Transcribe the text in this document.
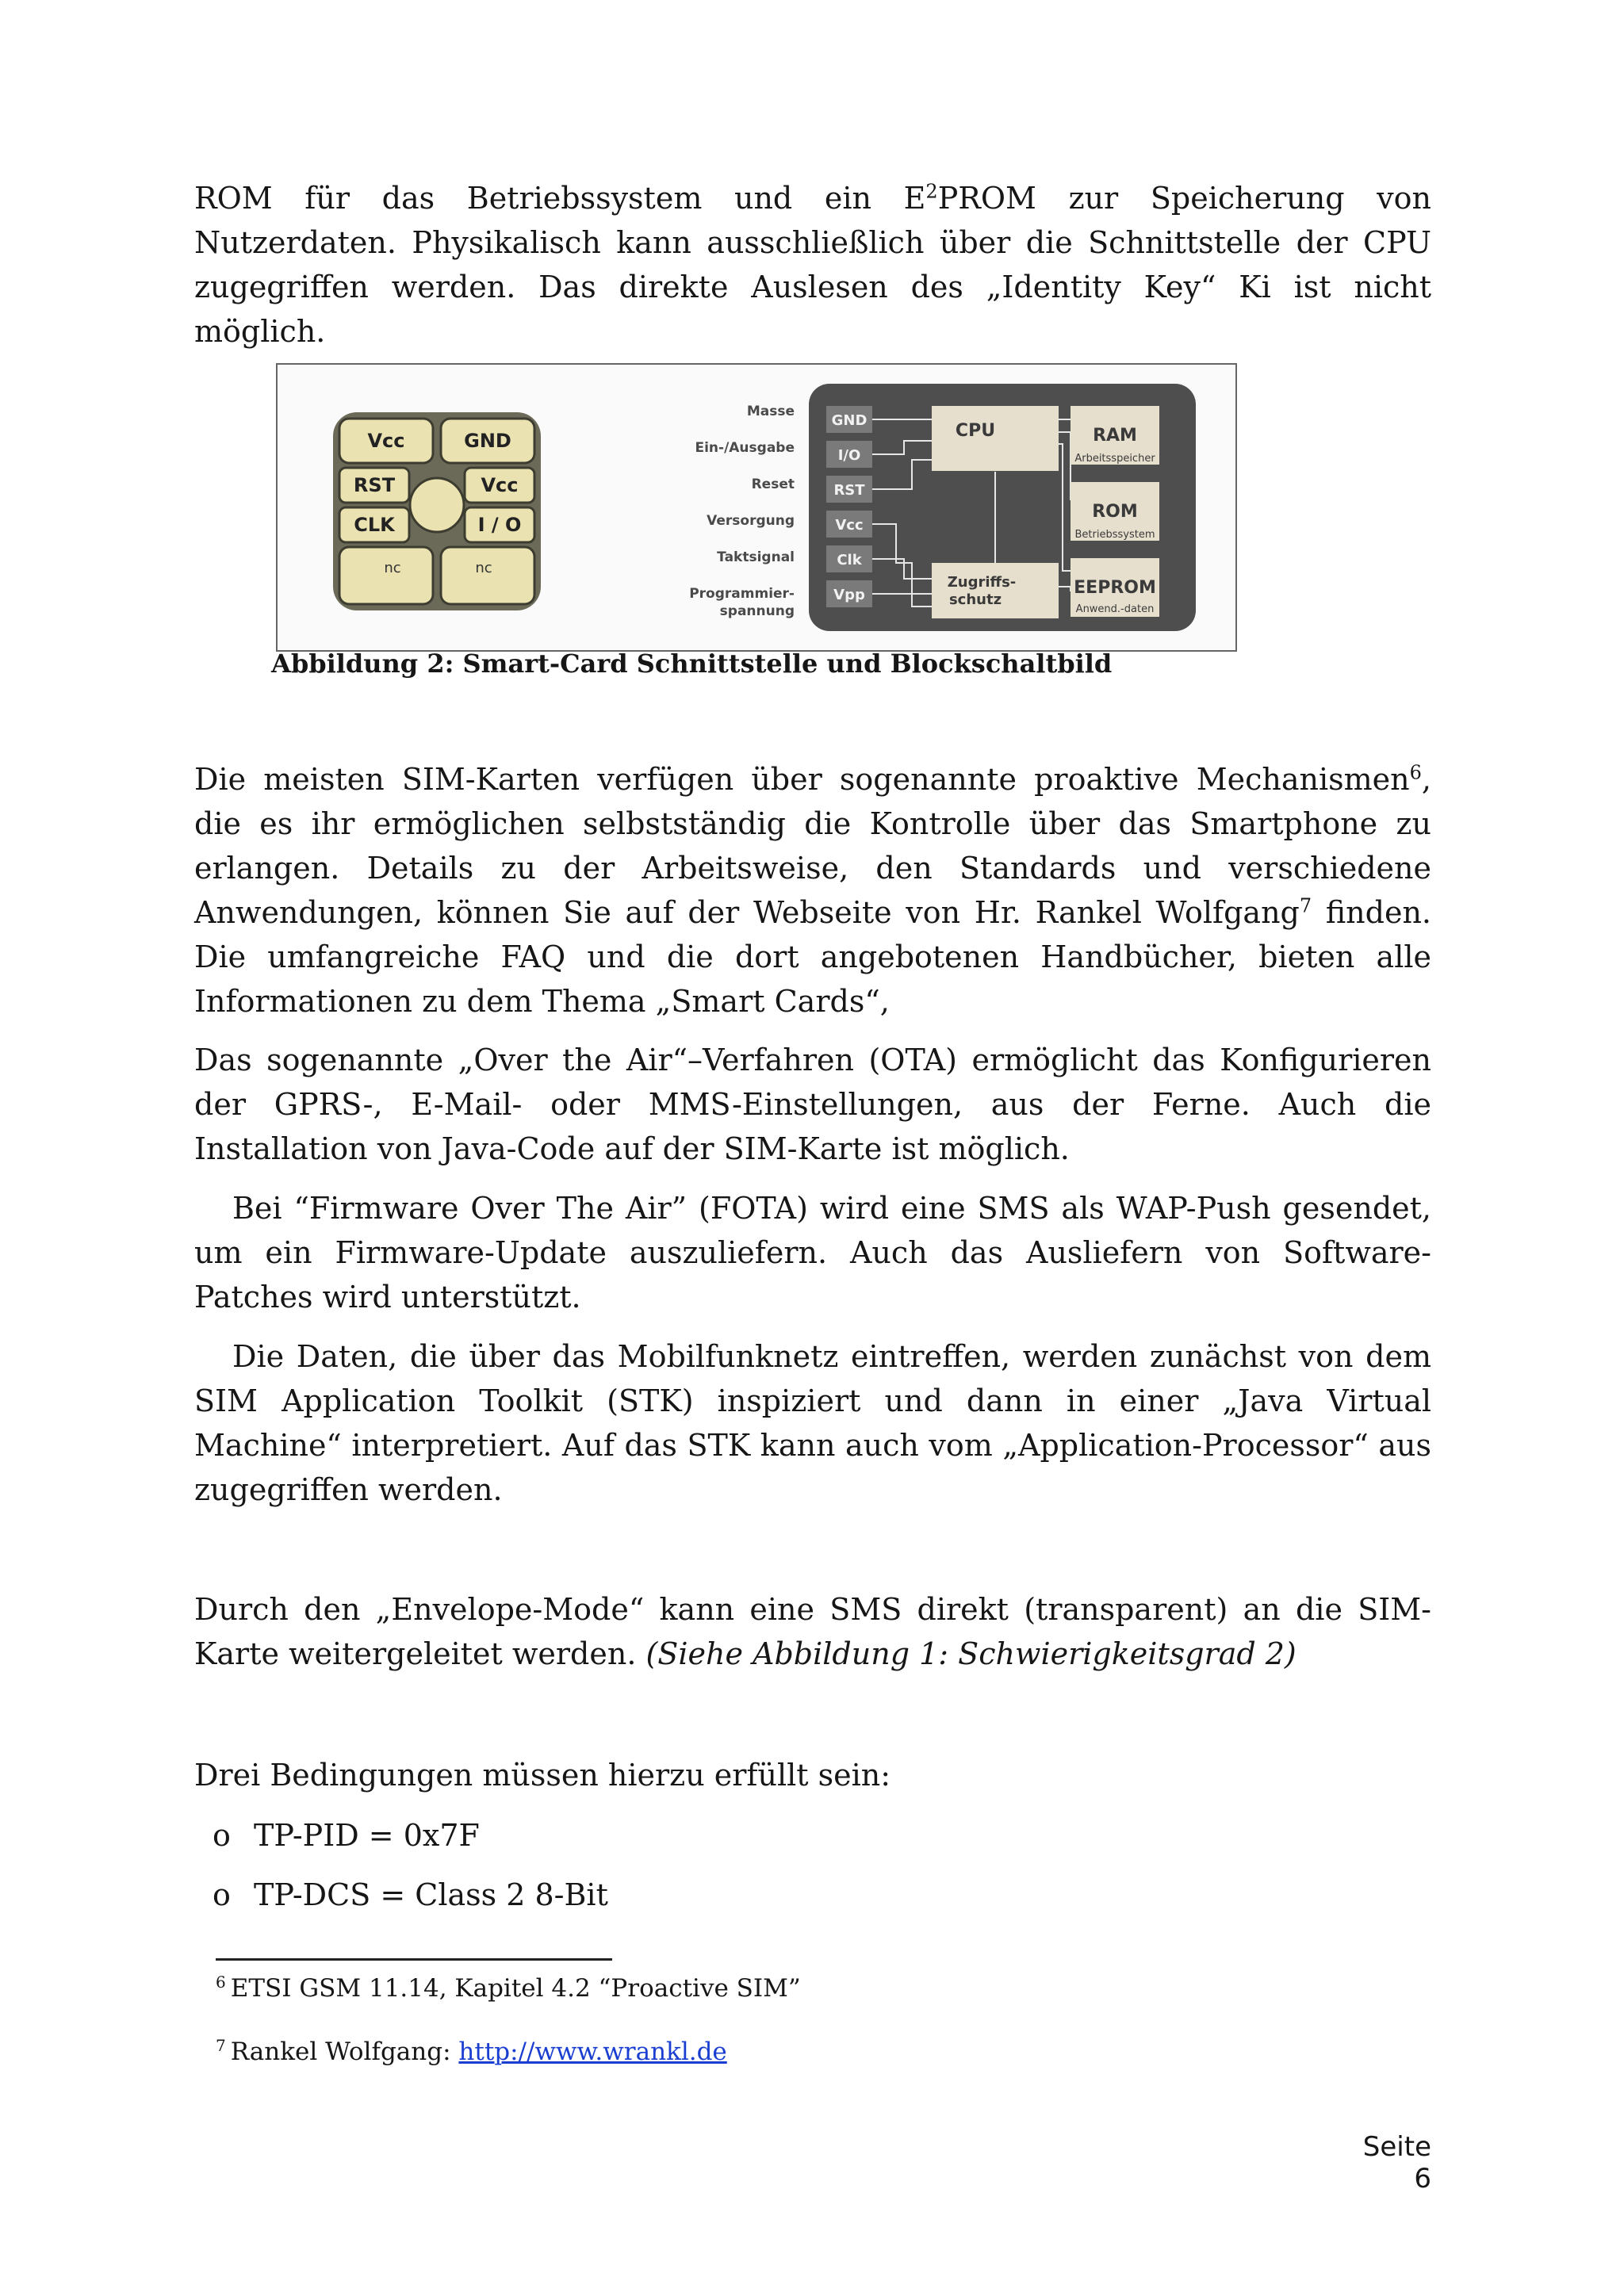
ROM für das Betriebssystem und ein $E^2PROM$ zur Speicherung von Nutzerdaten. Physikalisch kann ausschließlich über die Schnittstelle der CPU zugegriffen werden. Das direkte Auslesen des „Identity Key“ Ki ist nicht möglich.

Vcc	GND
RST	Vcc
CLK	I / O
nc	nc
Masse
Ein-/Ausgabe
Reset
Versorgung
Taktsignal
Programmier-
spannung
GND
I/O
RST
Vcc
Clk
Vpp
CPU
Zugriffs-
schutz
RAM
Arbeitsspeicher
ROM
Betriebssystem
EEPROM
Anwend.-daten

Abbildung 2: Smart-Card Schnittstelle und Blockschaltbild

Die meisten SIM-Karten verfügen über sogenannte proaktive Mechanismen$^6$, die es ihr ermöglichen selbstständig die Kontrolle über das Smartphone zu erlangen. Details zu der Arbeitsweise, den Standards und verschiedene Anwendungen, können Sie auf der Webseite von Hr. Rankel Wolfgang$^7$ finden. Die umfangreiche FAQ und die dort angebotenen Handbücher, bieten alle Informationen zu dem Thema „Smart Cards“,

Das sogenannte „Over the Air“–Verfahren (OTA) ermöglicht das Konfigurieren der GPRS-, E-Mail- oder MMS-Einstellungen, aus der Ferne. Auch die Installation von Java-Code auf der SIM-Karte ist möglich.

Bei “Firmware Over The Air” (FOTA) wird eine SMS als WAP-Push gesendet, um ein Firmware-Update auszuliefern. Auch das Ausliefern von Software-Patches wird unterstützt.

Die Daten, die über das Mobilfunknetz eintreffen, werden zunächst von dem SIM Application Toolkit (STK) inspiziert und dann in einer „Java Virtual Machine“ interpretiert. Auf das STK kann auch vom „Application-Processor“ aus zugegriffen werden.

Durch den „Envelope-Mode“ kann eine SMS direkt (transparent) an die SIM-Karte weitergeleitet werden. (Siehe Abbildung 1: Schwierigkeitsgrad 2)

Drei Bedingungen müssen hierzu erfüllt sein:

o TP-PID = 0x7F

o TP-DCS = Class 2 8-Bit

$^6$ ETSI GSM 11.14, Kapitel 4.2 “Proactive SIM”

$^7$ Rankel Wolfgang: http://www.wrankl.de

Seite 6
